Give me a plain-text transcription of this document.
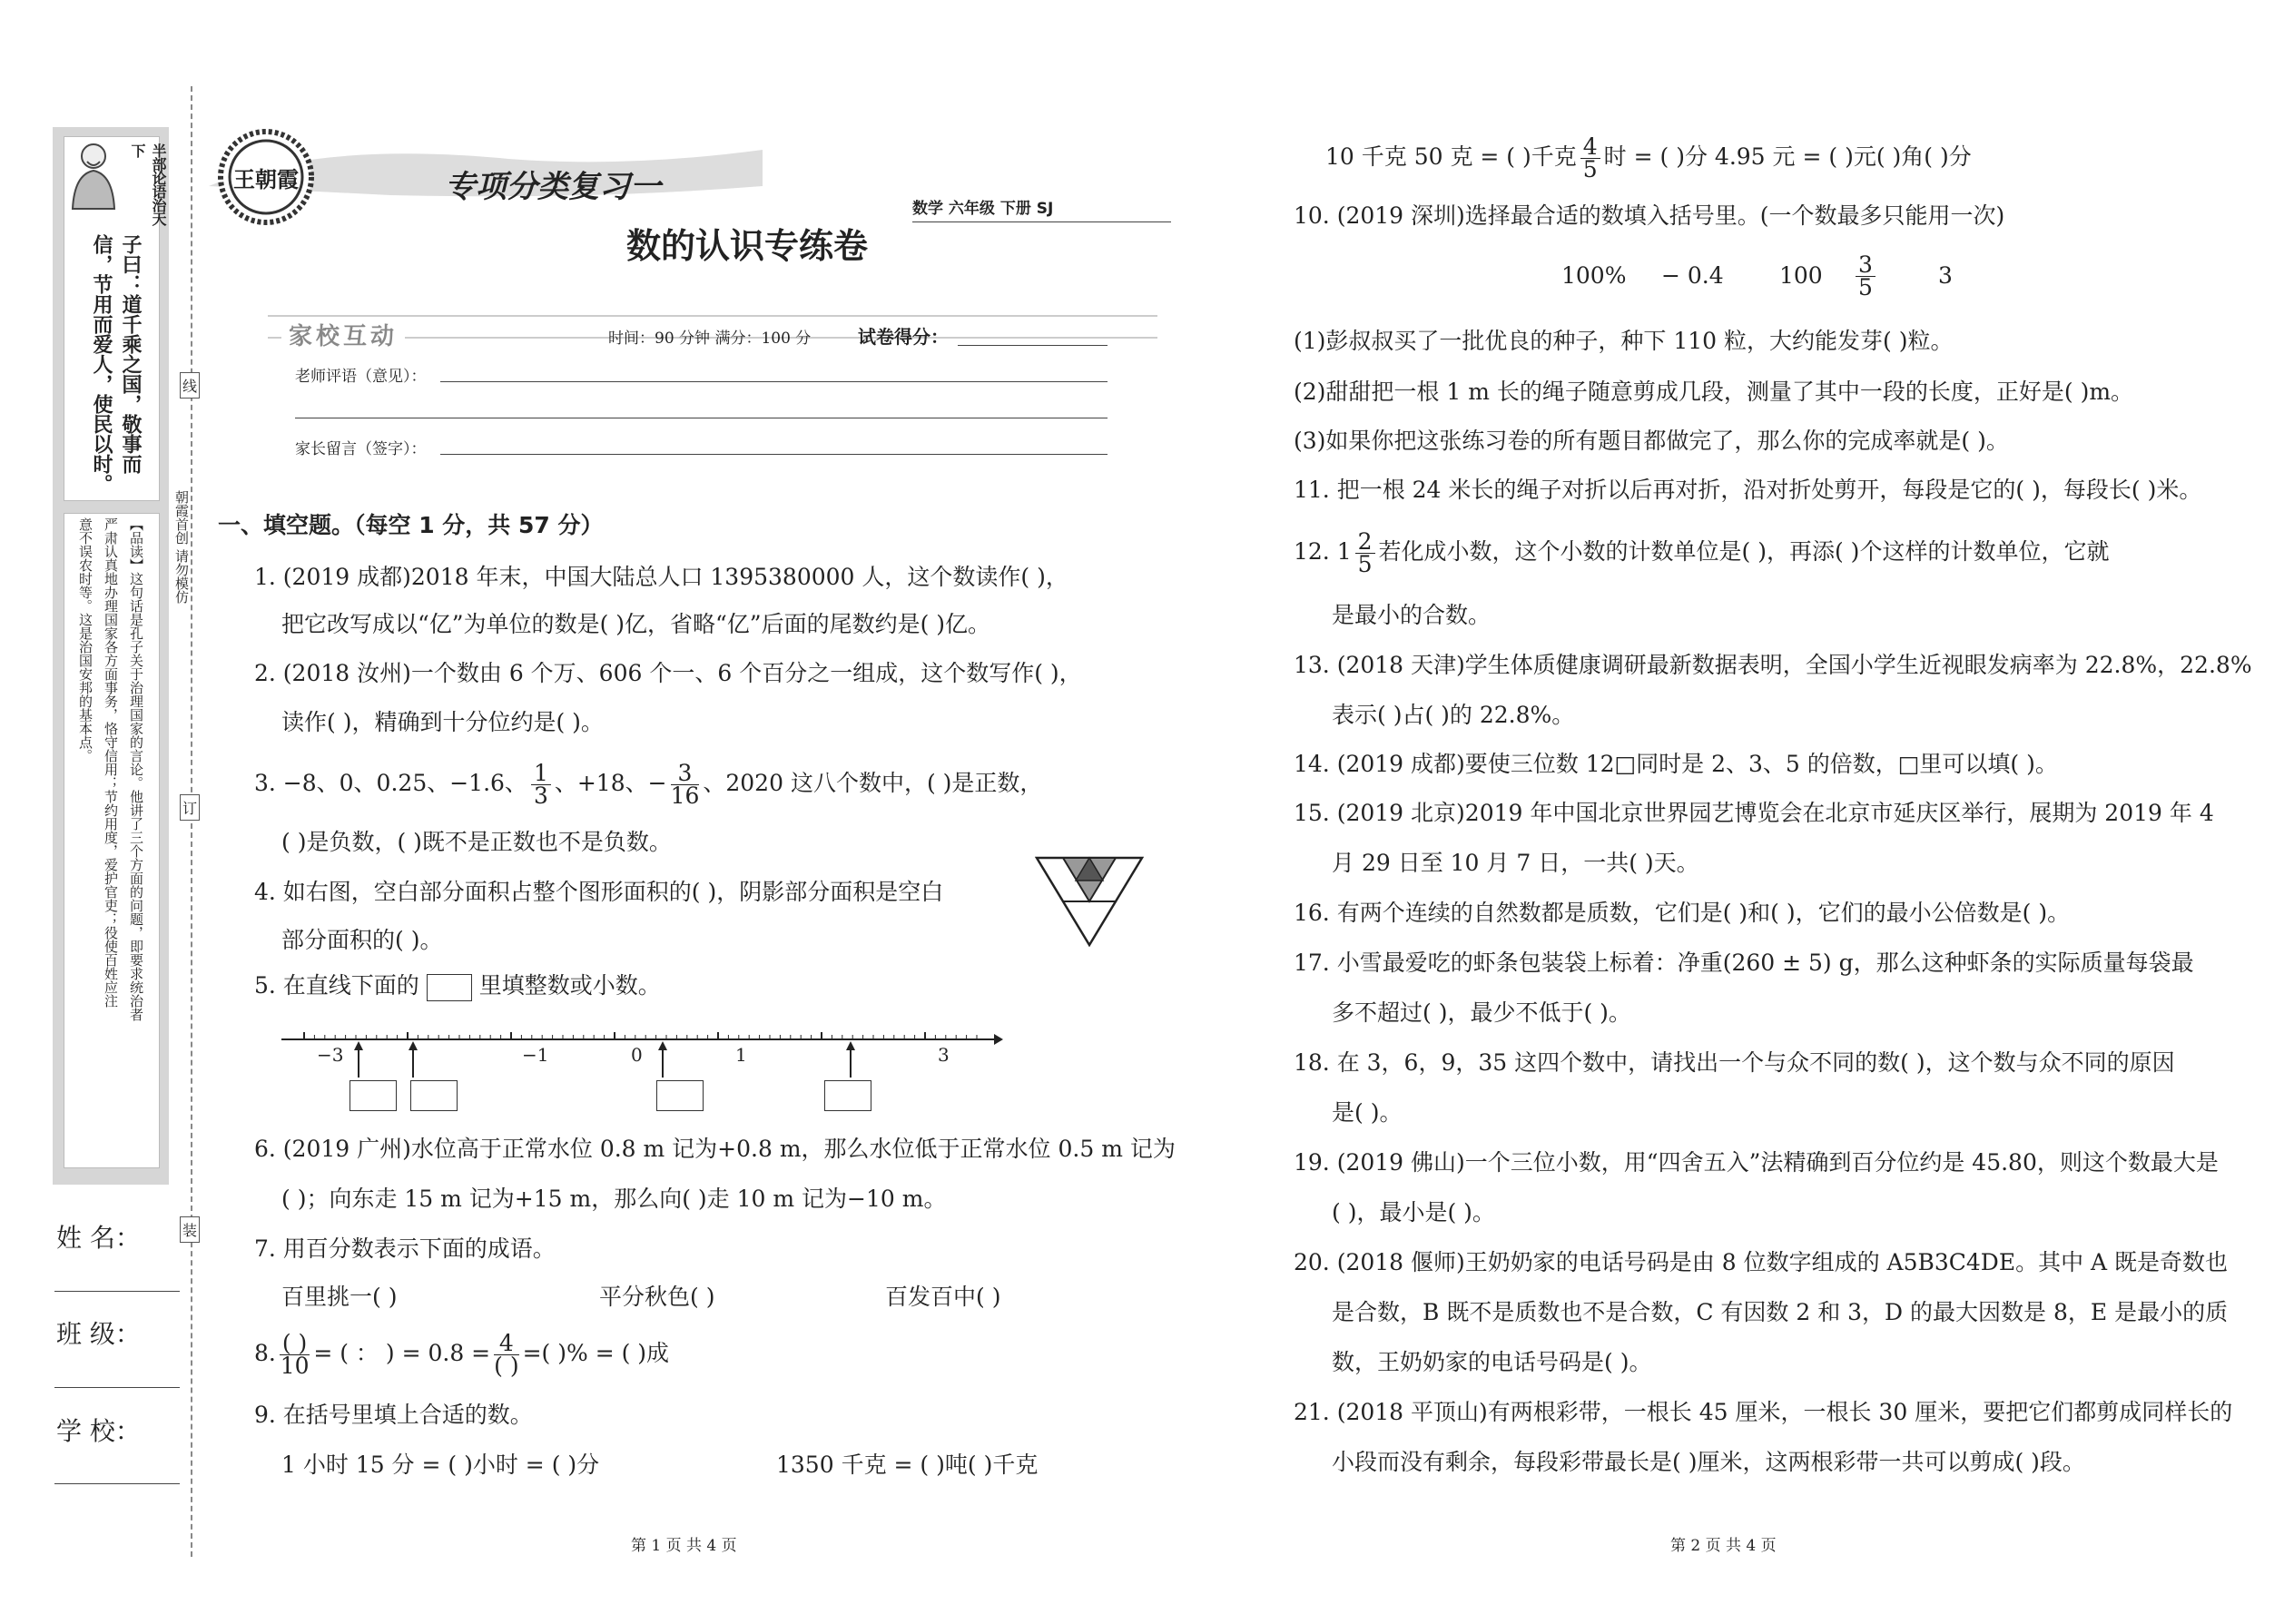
半部论语治天下
子曰：道千乘之国，敬事而
信，节用而爱人，使民以时。
【品读】这句话是孔子关于治理国家的言论。他讲了三个方面的问题，即要求统治者
严肃认真地办理国家各方面事务，恪守信用；节约用度，爱护官吏；役使百姓应注
意不误农时等。这是治国安邦的基本点。
姓 名：
班 级：
学 校：
线
订
装
朝霞首创 请勿模仿
王朝霞	专项分类复习一
数学 六年级 下册 SJ
数的认识专练卷
家校互动	时间：90 分钟 满分：100 分	试卷得分：
老师评语（意见）：
家长留言（签字）：
一、填空题。（每空 1 分，共 57 分）
1. (2019 成都)2018 年末，中国大陆总人口 1395380000 人，这个数读作( )，
把它改写成以“亿”为单位的数是( )亿，省略“亿”后面的尾数约是( )亿。
2. (2018 汝州)一个数由 6 个万、606 个一、6 个百分之一组成，这个数写作( )，
读作( )，精确到十分位约是( )。
3. −8、0、0.25、−1.6、 $\frac{1}{3}$ 、+18、− $\frac{3}{16}$ 、2020 这八个数中，( )是正数，
( )是负数，( )既不是正数也不是负数。
4. 如右图，空白部分面积占整个图形面积的( )，阴影部分面积是空白
部分面积的( )。
5. 在直线下面的	里填整数或小数。
−3	−1	0	1	3
6. (2019 广州)水位高于正常水位 0.8 m 记为+0.8 m，那么水位低于正常水位 0.5 m 记为
( )；向东走 15 m 记为+15 m，那么向( )走 10 m 记为−10 m。
7. 用百分数表示下面的成语。
百里挑一( )	平分秋色( )	百发百中( )
8. $\frac{( )}{10}$ = ( ： ) = $0.8 = \frac{4}{( )}$ =( )% = ( )成
9. 在括号里填上合适的数。
1 小时 15 分 = ( )小时 = ( )分	1350 千克 = ( )吨( )千克
第 1 页 共 4 页
10 千克 50 克 = ( )千克 $\frac{4}{5}$ 时 = ( )分 4.95 元 = ( )元( )角( )分
10. (2019 深圳)选择最合适的数填入括号里。(一个数最多只能用一次)
100% − 0.4 $100 \frac{3}{5}$	3
(1)彭叔叔买了一批优良的种子，种下 110 粒，大约能发芽( )粒。
(2)甜甜把一根 1 m 长的绳子随意剪成几段，测量了其中一段的长度，正好是( )m。
(3)如果你把这张练习卷的所有题目都做完了，那么你的完成率就是( )。
11. 把一根 24 米长的绳子对折以后再对折，沿对折处剪开，每段是它的( )，每段长( )米。
12. $1 \frac{2}{5}$ 若化成小数，这个小数的计数单位是( )，再添( )个这样的计数单位，它就
是最小的合数。
13. (2018 天津)学生体质健康调研最新数据表明，全国小学生近视眼发病率为 22.8%，22.8%
表示( )占( )的 22.8%。
14. (2019 成都)要使三位数 12□同时是 2、3、5 的倍数，□里可以填( )。
15. (2019 北京)2019 年中国北京世界园艺博览会在北京市延庆区举行，展期为 2019 年 4
月 29 日至 10 月 7 日，一共( )天。
16. 有两个连续的自然数都是质数，它们是( )和( )，它们的最小公倍数是( )。
17. 小雪最爱吃的虾条包装袋上标着：净重(260 ± 5) g，那么这种虾条的实际质量每袋最
多不超过( )，最少不低于( )。
18. 在 3，6，9，35 这四个数中，请找出一个与众不同的数( )，这个数与众不同的原因
是( )。
19. (2019 佛山)一个三位小数，用“四舍五入”法精确到百分位约是 45.80，则这个数最大是
( )，最小是( )。
20. (2018 偃师)王奶奶家的电话号码是由 8 位数字组成的 A5B3C4DE。其中 A 既是奇数也
是合数，B 既不是质数也不是合数，C 有因数 2 和 3，D 的最大因数是 8，E 是最小的质
数，王奶奶家的电话号码是( )。
21. (2018 平顶山)有两根彩带，一根长 45 厘米，一根长 30 厘米，要把它们都剪成同样长的
小段而没有剩余，每段彩带最长是( )厘米，这两根彩带一共可以剪成( )段。
第 2 页 共 4 页
